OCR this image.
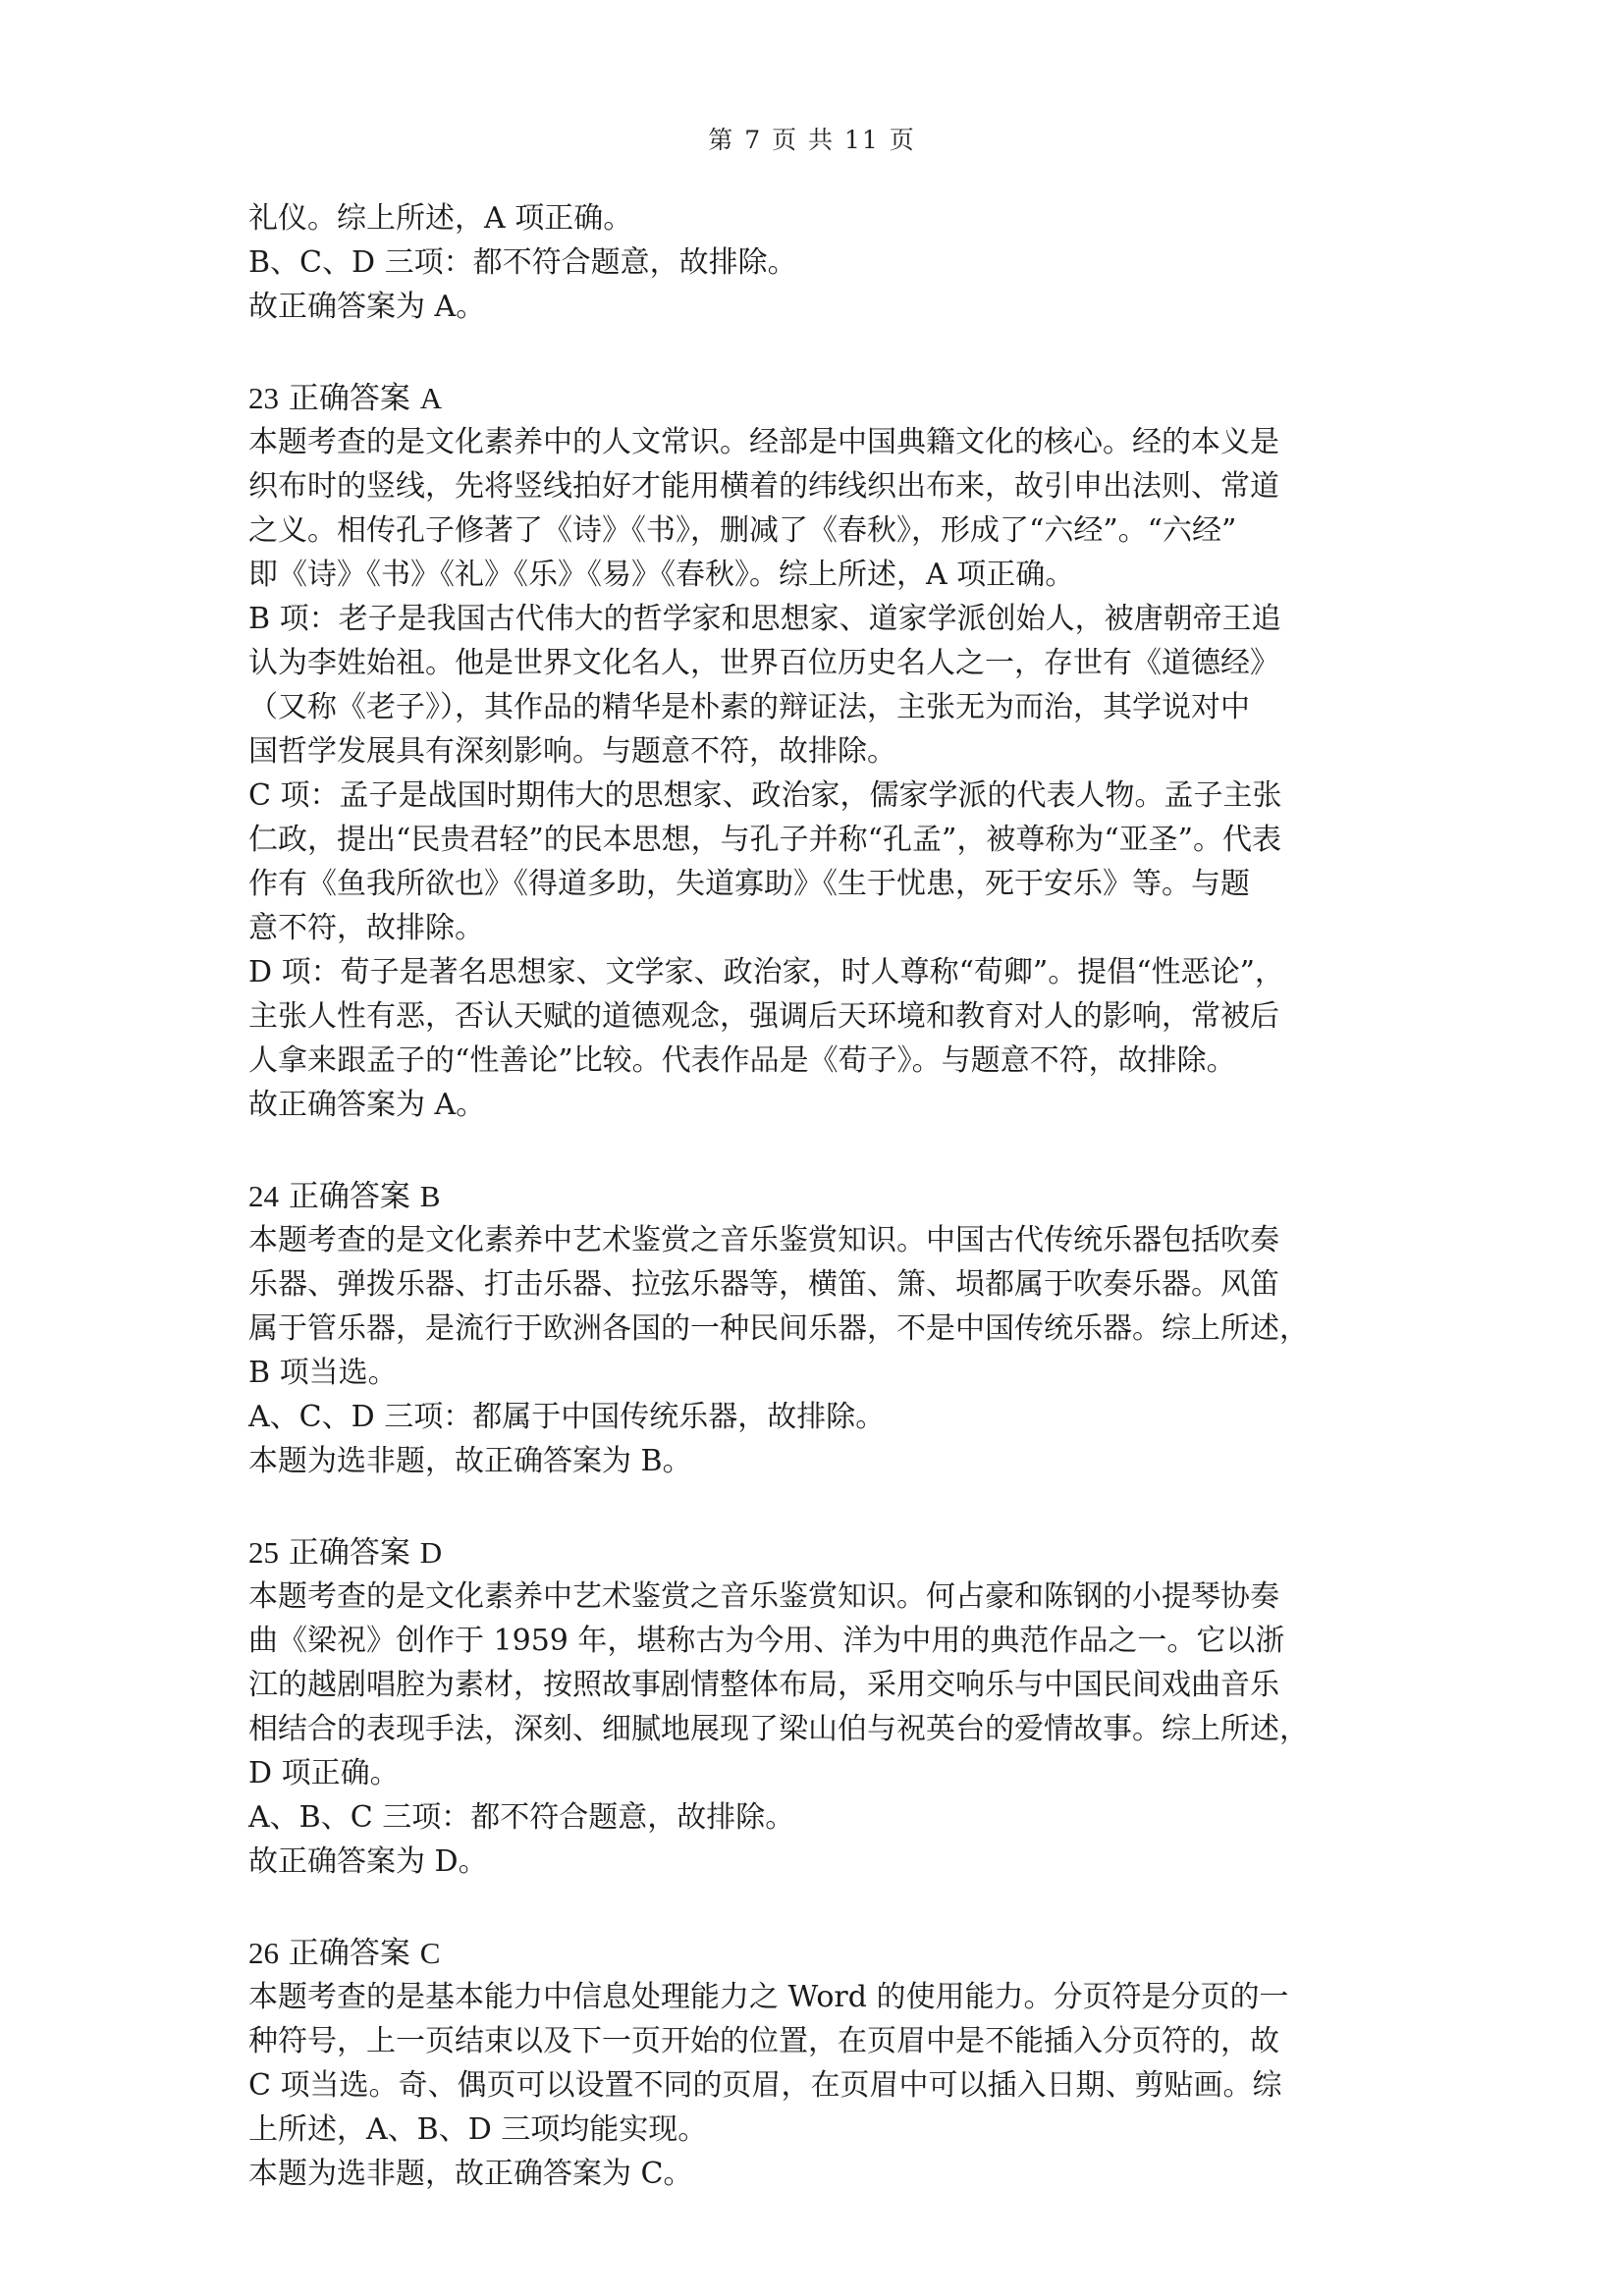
第 7 页 共 11 页
礼仪。综上所述，A 项正确。
B、C、D 三项：都不符合题意，故排除。
故正确答案为 A。
23 正确答案 A
本题考查的是文化素养中的人文常识。经部是中国典籍文化的核心。经的本义是
织布时的竖线，先将竖线拍好才能用横着的纬线织出布来，故引申出法则、常道
之义。相传孔子修著了《诗》《书》，删减了《春秋》，形成了“六经”。“六经”
即《诗》《书》《礼》《乐》《易》《春秋》。综上所述，A 项正确。
B 项：老子是我国古代伟大的哲学家和思想家、道家学派创始人，被唐朝帝王追
认为李姓始祖。他是世界文化名人，世界百位历史名人之一，存世有《道德经》
（又称《老子》），其作品的精华是朴素的辩证法，主张无为而治，其学说对中
国哲学发展具有深刻影响。与题意不符，故排除。
C 项：孟子是战国时期伟大的思想家、政治家，儒家学派的代表人物。孟子主张
仁政，提出“民贵君轻”的民本思想，与孔子并称“孔孟”，被尊称为“亚圣”。代表
作有《鱼我所欲也》《得道多助，失道寡助》《生于忧患，死于安乐》等。与题
意不符，故排除。
D 项：荀子是著名思想家、文学家、政治家，时人尊称“荀卿”。提倡“性恶论”，
主张人性有恶，否认天赋的道德观念，强调后天环境和教育对人的影响，常被后
人拿来跟孟子的“性善论”比较。代表作品是《荀子》。与题意不符，故排除。
故正确答案为 A。
24 正确答案 B
本题考查的是文化素养中艺术鉴赏之音乐鉴赏知识。中国古代传统乐器包括吹奏
乐器、弹拨乐器、打击乐器、拉弦乐器等，横笛、箫、埙都属于吹奏乐器。风笛
属于管乐器，是流行于欧洲各国的一种民间乐器，不是中国传统乐器。综上所述，
B 项当选。
A、C、D 三项：都属于中国传统乐器，故排除。
本题为选非题，故正确答案为 B。
25 正确答案 D
本题考查的是文化素养中艺术鉴赏之音乐鉴赏知识。何占豪和陈钢的小提琴协奏
曲《梁祝》创作于 1959 年，堪称古为今用、洋为中用的典范作品之一。它以浙
江的越剧唱腔为素材，按照故事剧情整体布局，采用交响乐与中国民间戏曲音乐
相结合的表现手法，深刻、细腻地展现了梁山伯与祝英台的爱情故事。综上所述，
D 项正确。
A、B、C 三项：都不符合题意，故排除。
故正确答案为 D。
26 正确答案 C
本题考查的是基本能力中信息处理能力之 Word 的使用能力。分页符是分页的一
种符号，上一页结束以及下一页开始的位置，在页眉中是不能插入分页符的，故
C 项当选。奇、偶页可以设置不同的页眉，在页眉中可以插入日期、剪贴画。综
上所述，A、B、D 三项均能实现。
本题为选非题，故正确答案为 C。
